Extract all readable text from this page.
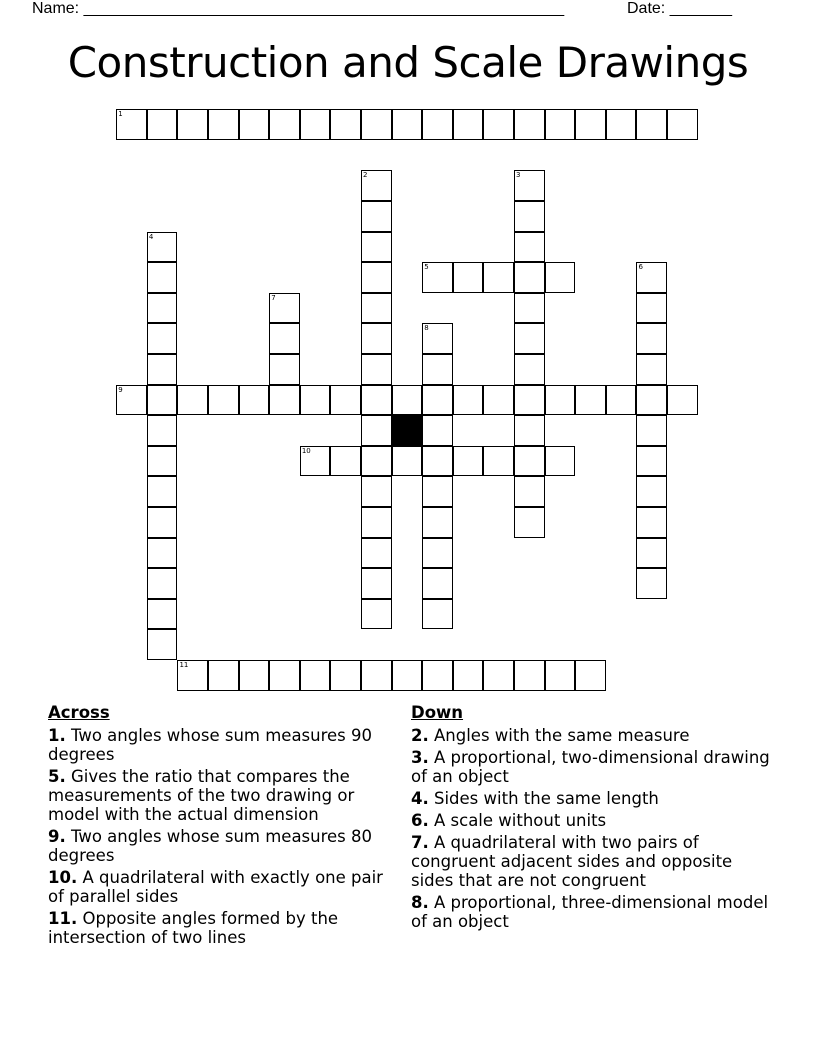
Name: ______________________________________________________	Date: _______
Construction and Scale Drawings
1
2	3
4
5	6
7
8
9
10
11
Across
1. Two angles whose sum measures 90 degrees
5. Gives the ratio that compares the measurements of the two drawing or model with the actual dimension
9. Two angles whose sum measures 80 degrees
10. A quadrilateral with exactly one pair of parallel sides
11. Opposite angles formed by the intersection of two lines
Down
2. Angles with the same measure
3. A proportional, two-dimensional drawing of an object
4. Sides with the same length
6. A scale without units
7. A quadrilateral with two pairs of congruent adjacent sides and opposite sides that are not congruent
8. A proportional, three-dimensional model of an object
